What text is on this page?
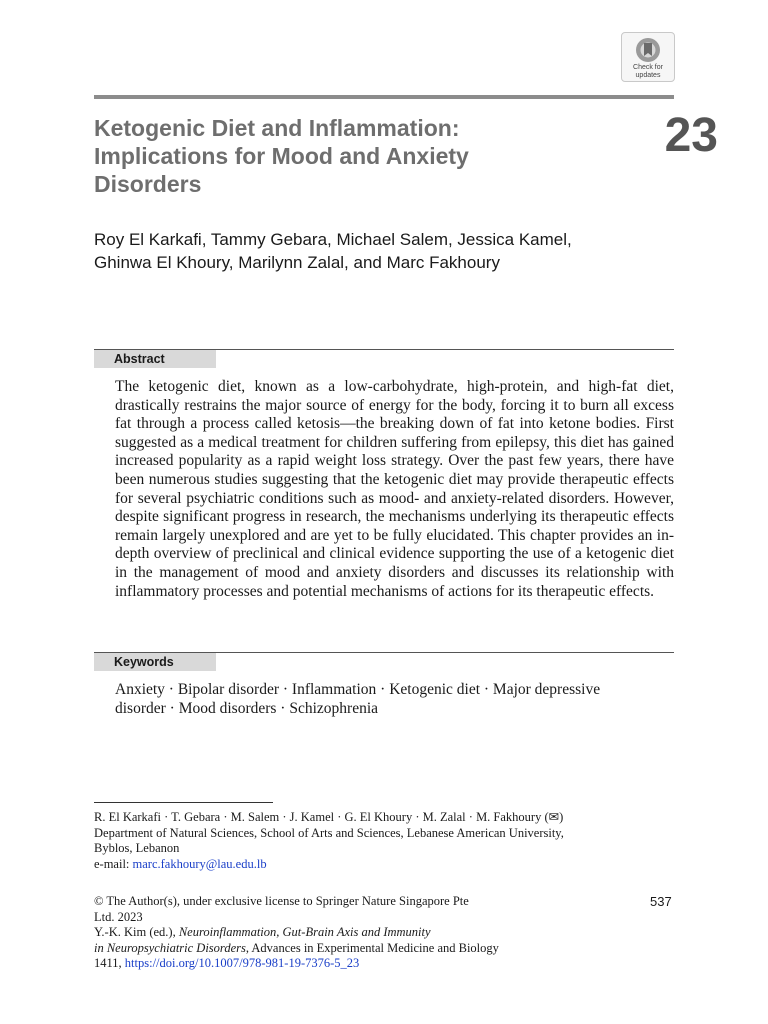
Check for
updates
Ketogenic Diet and Inflammation: Implications for Mood and Anxiety Disorders
23
Roy El Karkafi, Tammy Gebara, Michael Salem, Jessica Kamel,
Ghinwa El Khoury, Marilynn Zalal, and Marc Fakhoury
Abstract

The ketogenic diet, known as a low-carbohydrate, high-protein, and high-fat diet, drastically restrains the major source of energy for the body, forcing it to burn all excess fat through a process called ketosis—the breaking down of fat into ketone bodies. First suggested as a medical treatment for children suffering from epilepsy, this diet has gained increased popularity as a rapid weight loss strategy. Over the past few years, there have been numerous studies suggesting that the ketogenic diet may provide therapeutic effects for several psychiatric conditions such as mood- and anxiety-related disorders. However, despite significant progress in research, the mechanisms underlying its therapeutic effects remain largely unexplored and are yet to be fully elucidated. This chapter provides an in-depth overview of preclinical and clinical evidence supporting the use of a ketogenic diet in the management of mood and anxiety disorders and discusses its relationship with inflammatory processes and potential mechanisms of actions for its therapeutic effects.

Keywords
Anxiety · Bipolar disorder · Inflammation · Ketogenic diet · Major depressive
disorder · Mood disorders · Schizophrenia
R. El Karkafi · T. Gebara · M. Salem · J. Kamel · G. El Khoury · M. Zalal · M. Fakhoury (✉)
Department of Natural Sciences, School of Arts and Sciences, Lebanese American University,
Byblos, Lebanon
e-mail: marc.fakhoury@lau.edu.lb
© The Author(s), under exclusive license to Springer Nature Singapore Pte
Ltd. 2023
Y.-K. Kim (ed.), Neuroinflammation, Gut-Brain Axis and Immunity
in Neuropsychiatric Disorders, Advances in Experimental Medicine and Biology
1411, https://doi.org/10.1007/978-981-19-7376-5_23
537
